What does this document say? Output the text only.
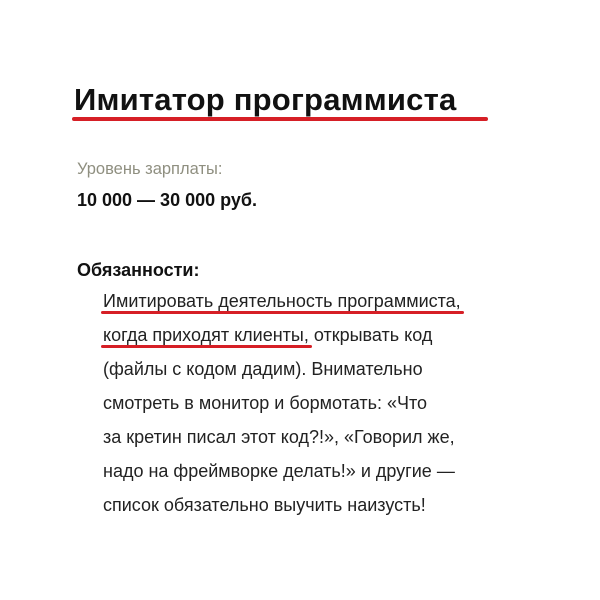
Имитатор программиста
Уровень зарплаты:
10 000 — 30 000 руб.
Обязанности:
Имитировать деятельность программиста,
когда приходят клиенты, открывать код
(файлы с кодом дадим). Внимательно
смотреть в монитор и бормотать: «Что
за кретин писал этот код?!», «Говорил же,
надо на фреймворке делать!» и другие —
список обязательно выучить наизусть!
